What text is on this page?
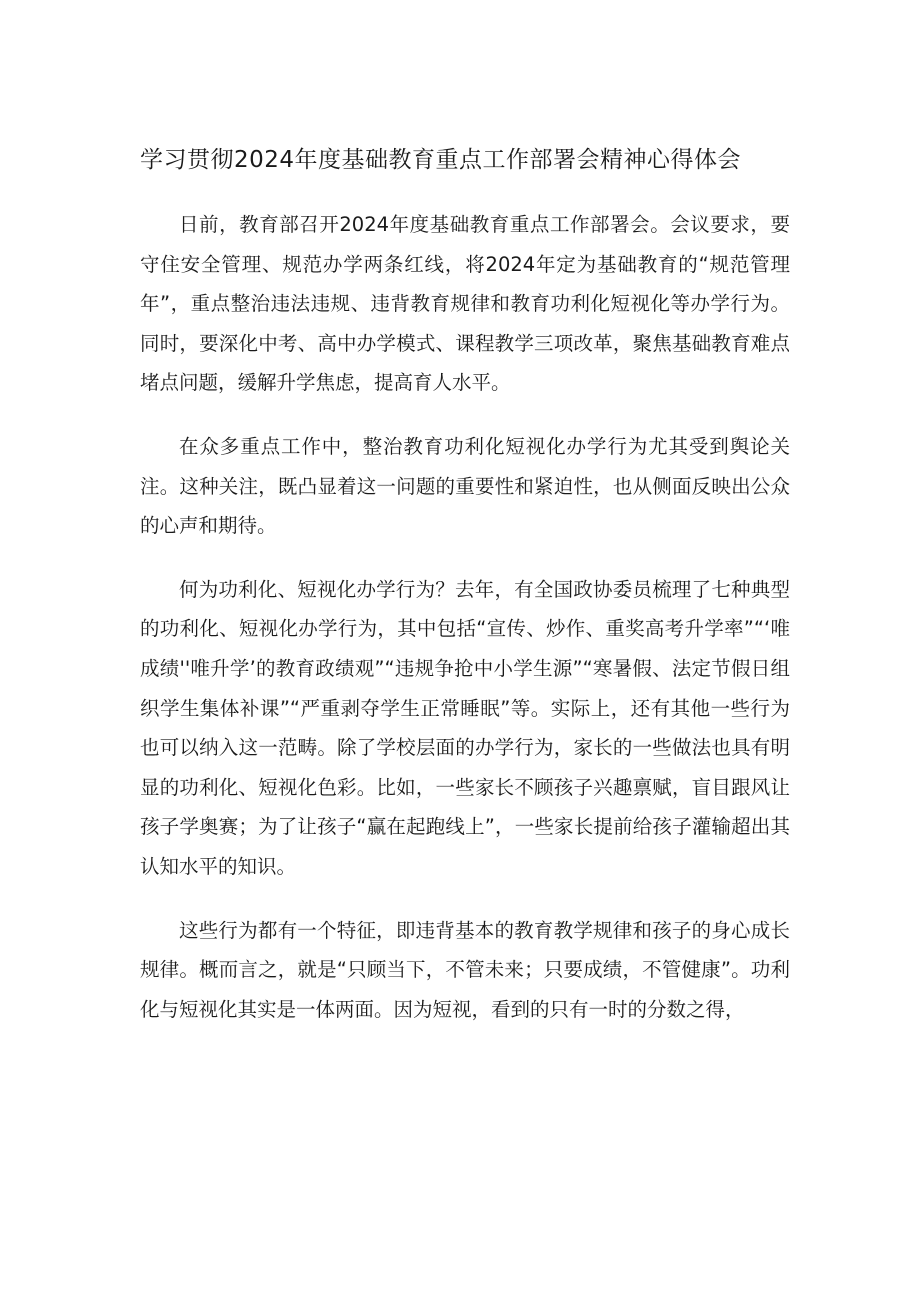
学习贯彻2024年度基础教育重点工作部署会精神心得体会

日前，教育部召开2024年度基础教育重点工作部署会。会议要求，要守住安全管理、规范办学两条红线，将2024年定为基础教育的“规范管理年”，重点整治违法违规、违背教育规律和教育功利化短视化等办学行为。同时，要深化中考、高中办学模式、课程教学三项改革，聚焦基础教育难点堵点问题，缓解升学焦虑，提高育人水平。

在众多重点工作中，整治教育功利化短视化办学行为尤其受到舆论关注。这种关注，既凸显着这一问题的重要性和紧迫性，也从侧面反映出公众的心声和期待。

何为功利化、短视化办学行为？去年，有全国政协委员梳理了七种典型的功利化、短视化办学行为，其中包括“宣传、炒作、重奖高考升学率”“‘唯成绩''唯升学’的教育政绩观”“违规争抢中小学生源”“寒暑假、法定节假日组织学生集体补课”“严重剥夺学生正常睡眠”等。实际上，还有其他一些行为也可以纳入这一范畴。除了学校层面的办学行为，家长的一些做法也具有明显的功利化、短视化色彩。比如，一些家长不顾孩子兴趣禀赋，盲目跟风让孩子学奥赛；为了让孩子“赢在起跑线上”，一些家长提前给孩子灌输超出其认知水平的知识。

这些行为都有一个特征，即违背基本的教育教学规律和孩子的身心成长规律。概而言之，就是“只顾当下，不管未来；只要成绩，不管健康”。功利化与短视化其实是一体两面。因为短视，看到的只有一时的分数之得，
